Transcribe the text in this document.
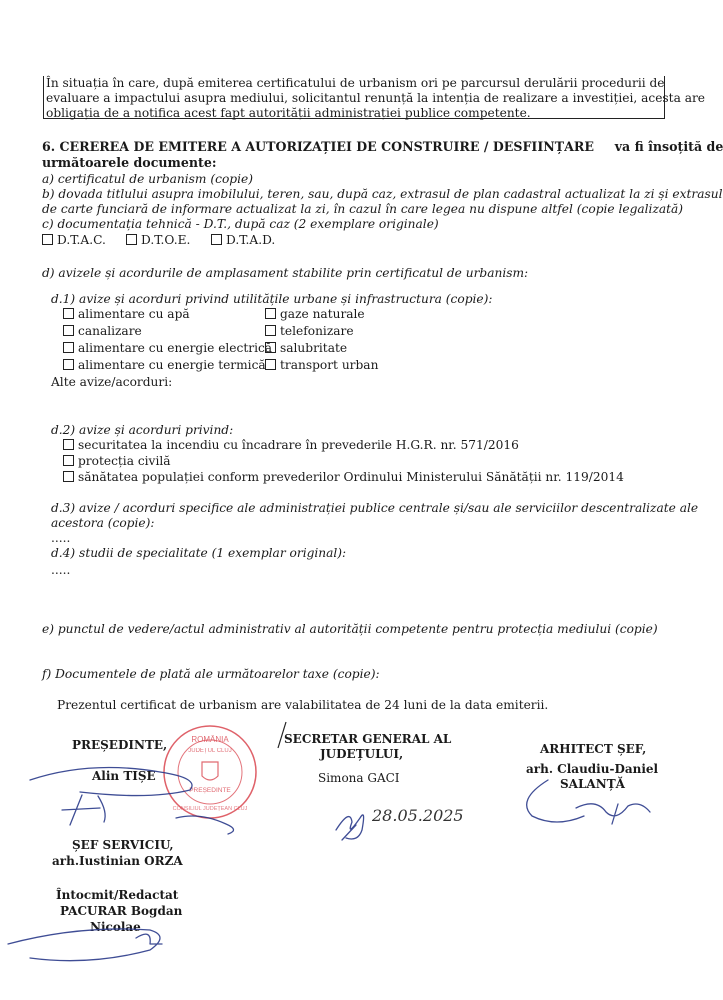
În situația în care, după emiterea certificatului de urbanism ori pe parcursul derulării procedurii de
evaluare a impactului asupra mediului, solicitantul renunță la intenția de realizare a investiției, acesta are
obligația de a notifica acest fapt autorității administrației publice competente.
6. CEREREA DE EMITERE A AUTORIZAȚIEI DE CONSTRUIRE / DESFIINȚARE va fi însoțită de
următoarele documente:
a) certificatul de urbanism (copie)
b) dovada titlului asupra imobilului, teren, sau, după caz, extrasul de plan cadastral actualizat la zi și extrasul
de carte funciară de informare actualizat la zi, în cazul în care legea nu dispune altfel (copie legalizată)
c) documentația tehnică - D.T., după caz (2 exemplare originale)
D.T.A.C.	D.T.O.E.	D.T.A.D.
d) avizele și acordurile de amplasament stabilite prin certificatul de urbanism:
d.1) avize și acorduri privind utilitățile urbane și infrastructura (copie):
alimentare cu apă
canalizare
alimentare cu energie electrică
alimentare cu energie termică
gaze naturale
telefonizare
salubritate
transport urban
Alte avize/acorduri:
d.2) avize și acorduri privind:
securitatea la incendiu cu încadrare în prevederile H.G.R. nr. 571/2016
protecția civilă
sănătatea populației conform prevederilor Ordinului Ministerului Sănătății nr. 119/2014
d.3) avize / acorduri specifice ale administrației publice centrale și/sau ale serviciilor descentralizate ale
acestora (copie):
.....
d.4) studii de specialitate (1 exemplar original):
.....
e) punctul de vedere/actul administrativ al autorității competente pentru protecția mediului (copie)
f) Documentele de plată ale următoarelor taxe (copie):
Prezentul certificat de urbanism are valabilitatea de 24 luni de la data emiterii.
ROMÂNIA
JUDEȚUL CLUJ
PREȘEDINTE
CONSILIUL JUDEȚEAN CLUJ
PREȘEDINTE,
Alin TIȘE
SECRETAR GENERAL AL
JUDEȚULUI,
Simona GACI
28.05.2025
ARHITECT ȘEF,
arh. Claudiu-Daniel
SALANȚĂ
ȘEF SERVICIU,
arh.Iustinian ORZA
Întocmit/Redactat
PACURAR Bogdan
Nicolae
